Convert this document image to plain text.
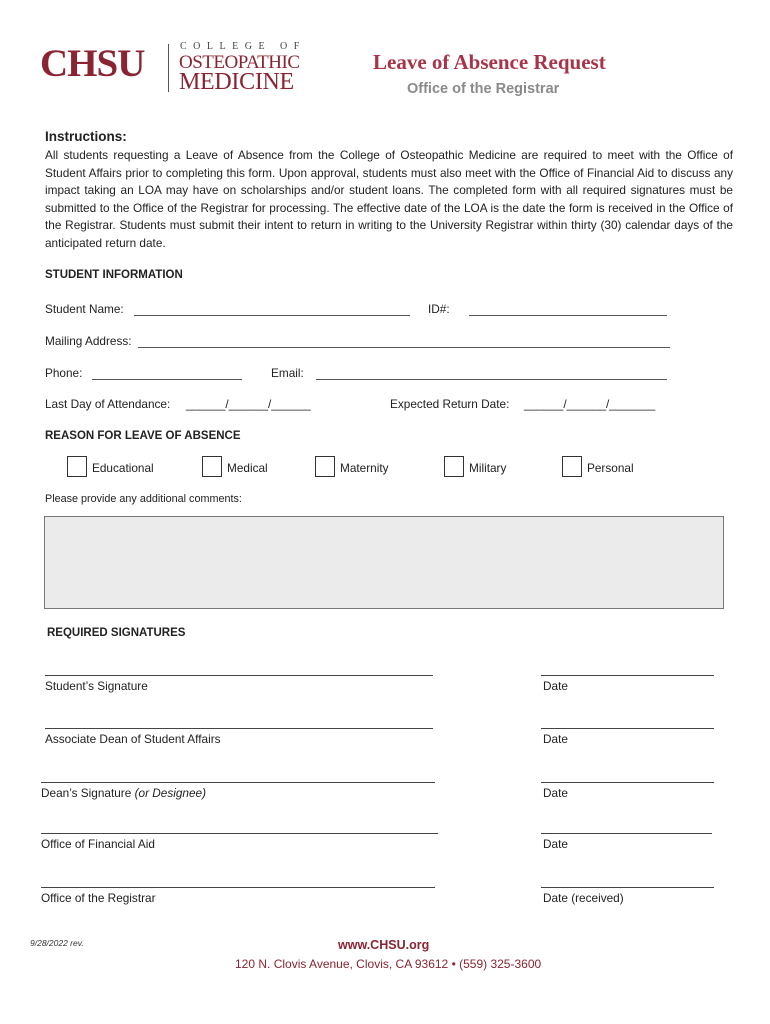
CHSU	COLLEGE OF
OSTEOPATHIC
MEDICINE
Leave of Absence Request
Office of the Registrar
Instructions:
All students requesting a Leave of Absence from the College of Osteopathic Medicine are required to meet with the Office of Student Affairs prior to completing this form. Upon approval, students must also meet with the Office of Financial Aid to discuss any impact taking an LOA may have on scholarships and/or student loans. The completed form with all required signatures must be submitted to the Office of the Registrar for processing. The effective date of the LOA is the date the form is received in the Office of the Registrar. Students must submit their intent to return in writing to the University Registrar within thirty (30) calendar days of the anticipated return date.
STUDENT INFORMATION
Student Name:	ID#:
Mailing Address:
Phone:	Email:
Last Day of Attendance: ______/______/______	Expected Return Date: ______/______/_______
REASON FOR LEAVE OF ABSENCE
Educational	Medical	Maternity	Military	Personal
Please provide any additional comments:
REQUIRED SIGNATURES
Student’s Signature	Date
Associate Dean of Student Affairs	Date
Dean’s Signature (or Designee)	Date
Office of Financial Aid	Date
Office of the Registrar	Date (received)
9/28/2022 rev.	www.CHSU.org
120 N. Clovis Avenue, Clovis, CA 93612 • (559) 325-3600
